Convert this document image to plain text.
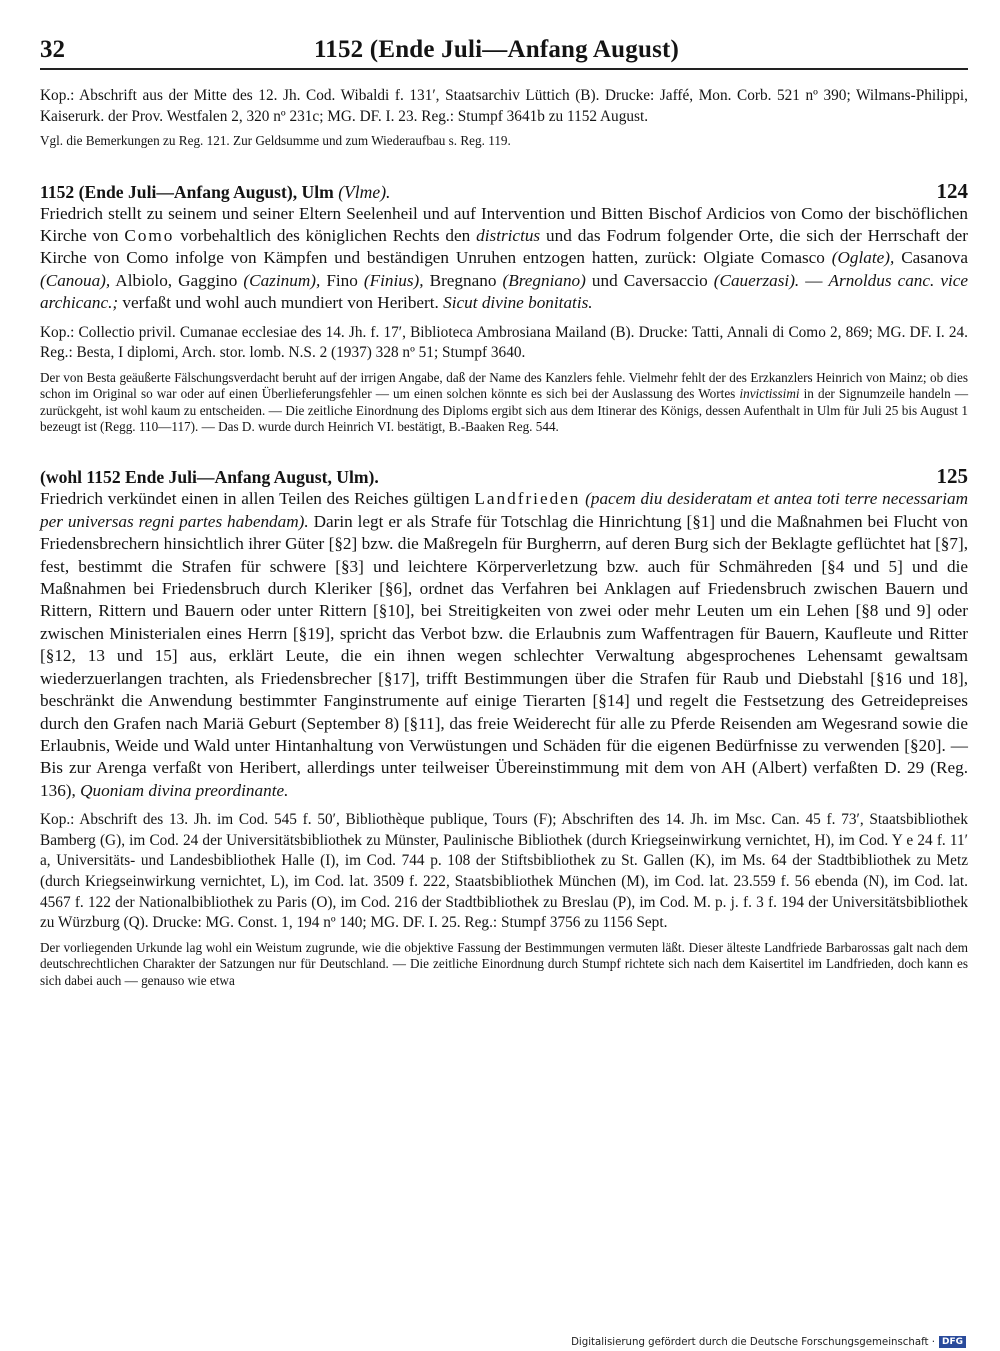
32	1152 (Ende Juli—Anfang August)

Kop.: Abschrift aus der Mitte des 12. Jh. Cod. Wibaldi f. 131′, Staatsarchiv Lüttich (B). Drucke: Jaffé, Mon. Corb. 521 nº 390; Wilmans-Philippi, Kaiserurk. der Prov. Westfalen 2, 320 nº 231c; MG. DF. I. 23. Reg.: Stumpf 3641b zu 1152 August.

Vgl. die Bemerkungen zu Reg. 121. Zur Geldsumme und zum Wiederaufbau s. Reg. 119.

1152 (Ende Juli—Anfang August), Ulm (Vlme).	124

Friedrich stellt zu seinem und seiner Eltern Seelenheil und auf Intervention und Bitten Bischof Ardicios von Como der bischöflichen Kirche von Como vorbehaltlich des königlichen Rechts den districtus und das Fodrum folgender Orte, die sich der Herrschaft der Kirche von Como infolge von Kämpfen und beständigen Unruhen entzogen hatten, zurück: Olgiate Comasco (Oglate), Casanova (Canoua), Albiolo, Gaggino (Cazinum), Fino (Finius), Bregnano (Bregniano) und Caversaccio (Cauerzasi). — Arnoldus canc. vice archicanc.; verfaßt und wohl auch mundiert von Heribert. Sicut divine bonitatis.

Kop.: Collectio privil. Cumanae ecclesiae des 14. Jh. f. 17′, Biblioteca Ambrosiana Mailand (B). Drucke: Tatti, Annali di Como 2, 869; MG. DF. I. 24. Reg.: Besta, I diplomi, Arch. stor. lomb. N.S. 2 (1937) 328 nº 51; Stumpf 3640.

Der von Besta geäußerte Fälschungsverdacht beruht auf der irrigen Angabe, daß der Name des Kanzlers fehle. Vielmehr fehlt der des Erzkanzlers Heinrich von Mainz; ob dies schon im Original so war oder auf einen Überlieferungsfehler — um einen solchen könnte es sich bei der Auslassung des Wortes invictissimi in der Signumzeile handeln — zurückgeht, ist wohl kaum zu entscheiden. — Die zeitliche Einordnung des Diploms ergibt sich aus dem Itinerar des Königs, dessen Aufenthalt in Ulm für Juli 25 bis August 1 bezeugt ist (Regg. 110—117). — Das D. wurde durch Heinrich VI. bestätigt, B.-Baaken Reg. 544.

(wohl 1152 Ende Juli—Anfang August, Ulm).	125

Friedrich verkündet einen in allen Teilen des Reiches gültigen Landfrieden (pacem diu desideratam et antea toti terre necessariam per universas regni partes habendam). Darin legt er als Strafe für Totschlag die Hinrichtung [§1] und die Maßnahmen bei Flucht von Friedensbrechern hinsichtlich ihrer Güter [§2] bzw. die Maßregeln für Burgherrn, auf deren Burg sich der Beklagte geflüchtet hat [§7], fest, bestimmt die Strafen für schwere [§3] und leichtere Körperverletzung bzw. auch für Schmähreden [§4 und 5] und die Maßnahmen bei Friedensbruch durch Kleriker [§6], ordnet das Verfahren bei Anklagen auf Friedensbruch zwischen Bauern und Rittern, Rittern und Bauern oder unter Rittern [§10], bei Streitigkeiten von zwei oder mehr Leuten um ein Lehen [§8 und 9] oder zwischen Ministerialen eines Herrn [§19], spricht das Verbot bzw. die Erlaubnis zum Waffentragen für Bauern, Kaufleute und Ritter [§12, 13 und 15] aus, erklärt Leute, die ein ihnen wegen schlechter Verwaltung abgesprochenes Lehensamt gewaltsam wiederzuerlangen trachten, als Friedensbrecher [§17], trifft Bestimmungen über die Strafen für Raub und Diebstahl [§16 und 18], beschränkt die Anwendung bestimmter Fanginstrumente auf einige Tierarten [§14] und regelt die Festsetzung des Getreidepreises durch den Grafen nach Mariä Geburt (September 8) [§11], das freie Weiderecht für alle zu Pferde Reisenden am Wegesrand sowie die Erlaubnis, Weide und Wald unter Hintanhaltung von Verwüstungen und Schäden für die eigenen Bedürfnisse zu verwenden [§20]. — Bis zur Arenga verfaßt von Heribert, allerdings unter teilweiser Übereinstimmung mit dem von AH (Albert) verfaßten D. 29 (Reg. 136), Quoniam divina preordinante.

Kop.: Abschrift des 13. Jh. im Cod. 545 f. 50′, Bibliothèque publique, Tours (F); Abschriften des 14. Jh. im Msc. Can. 45 f. 73′, Staatsbibliothek Bamberg (G), im Cod. 24 der Universitätsbibliothek zu Münster, Paulinische Bibliothek (durch Kriegseinwirkung vernichtet, H), im Cod. Y e 24 f. 11′ a, Universitäts- und Landesbibliothek Halle (I), im Cod. 744 p. 108 der Stiftsbibliothek zu St. Gallen (K), im Ms. 64 der Stadtbibliothek zu Metz (durch Kriegseinwirkung vernichtet, L), im Cod. lat. 3509 f. 222, Staatsbibliothek München (M), im Cod. lat. 23.559 f. 56 ebenda (N), im Cod. lat. 4567 f. 122 der Nationalbibliothek zu Paris (O), im Cod. 216 der Stadtbibliothek zu Breslau (P), im Cod. M. p. j. f. 3 f. 194 der Universitätsbibliothek zu Würzburg (Q). Drucke: MG. Const. 1, 194 nº 140; MG. DF. I. 25. Reg.: Stumpf 3756 zu 1156 Sept.

Der vorliegenden Urkunde lag wohl ein Weistum zugrunde, wie die objektive Fassung der Bestimmungen vermuten läßt. Dieser älteste Landfriede Barbarossas galt nach dem deutschrechtlichen Charakter der Satzungen nur für Deutschland. — Die zeitliche Einordnung durch Stumpf richtete sich nach dem Kaisertitel im Landfrieden, doch kann es sich dabei auch — genauso wie etwa

Digitalisierung gefördert durch die Deutsche Forschungsgemeinschaft · DFG
